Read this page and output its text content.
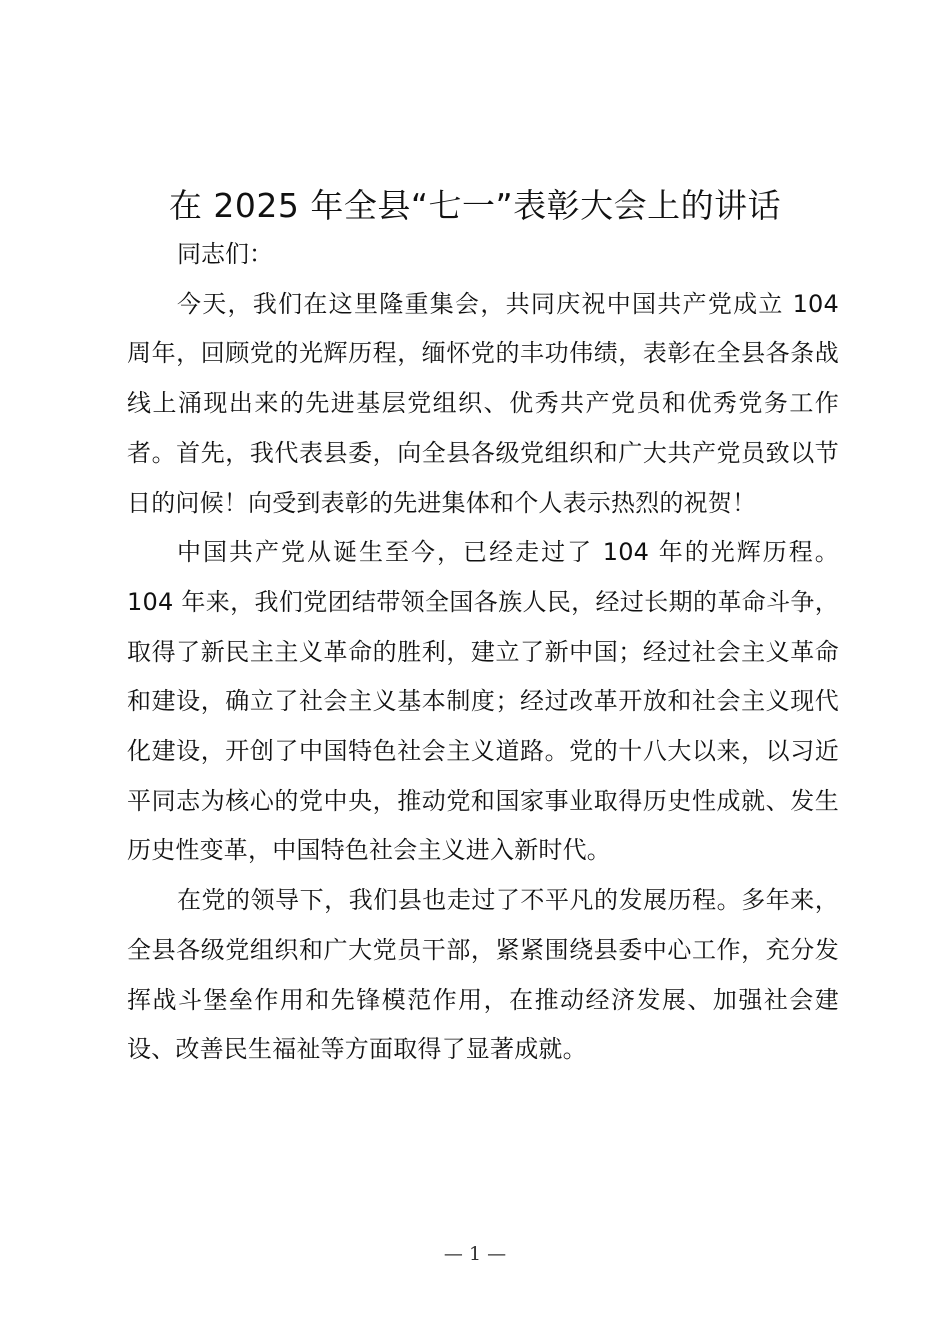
在 2025 年全县“七一”表彰大会上的讲话

同志们：

今天，我们在这里隆重集会，共同庆祝中国共产党成立 104 周年，回顾党的光辉历程，缅怀党的丰功伟绩，表彰在全县各条战线上涌现出来的先进基层党组织、优秀共产党员和优秀党务工作者。首先，我代表县委，向全县各级党组织和广大共产党员致以节日的问候！向受到表彰的先进集体和个人表示热烈的祝贺！

中国共产党从诞生至今，已经走过了 104 年的光辉历程。104 年来，我们党团结带领全国各族人民，经过长期的革命斗争，取得了新民主主义革命的胜利，建立了新中国；经过社会主义革命和建设，确立了社会主义基本制度；经过改革开放和社会主义现代化建设，开创了中国特色社会主义道路。党的十八大以来，以习近平同志为核心的党中央，推动党和国家事业取得历史性成就、发生历史性变革，中国特色社会主义进入新时代。

在党的领导下，我们县也走过了不平凡的发展历程。多年来，全县各级党组织和广大党员干部，紧紧围绕县委中心工作，充分发挥战斗堡垒作用和先锋模范作用，在推动经济发展、加强社会建设、改善民生福祉等方面取得了显著成就。

— 1 —
